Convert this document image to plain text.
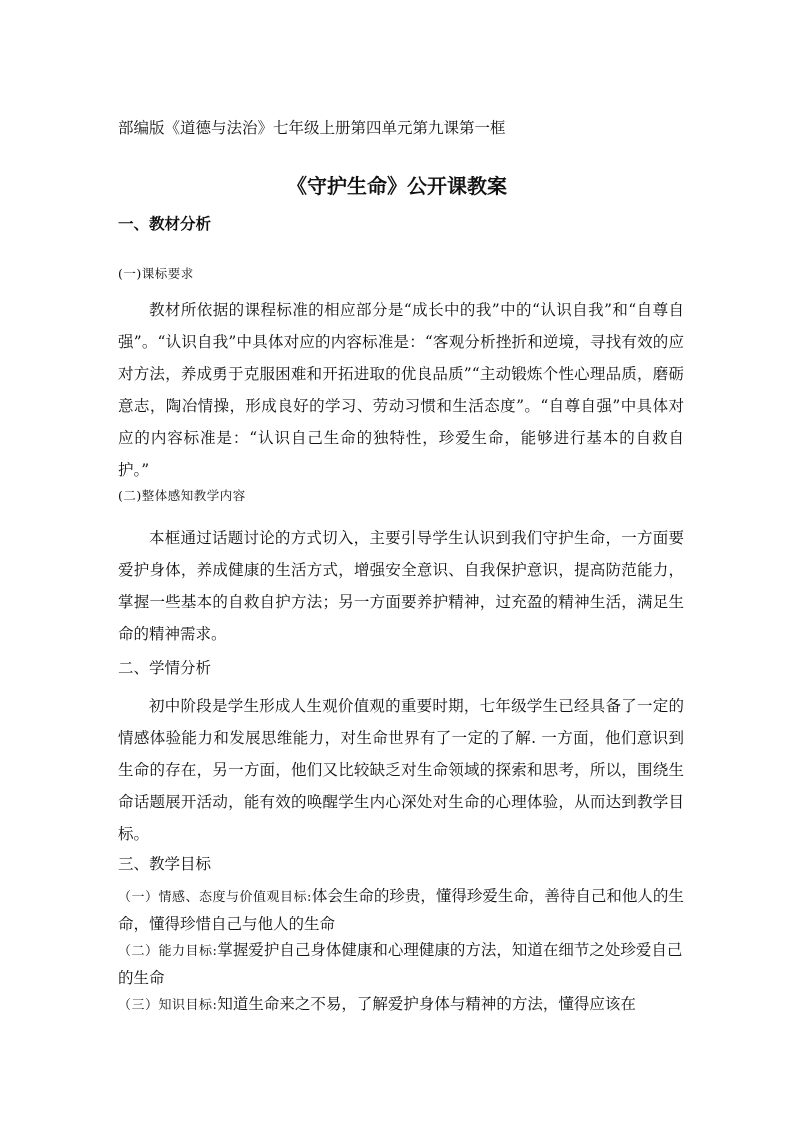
部编版《道德与法治》七年级上册第四单元第九课第一框
《守护生命》公开课教案
一、教材分析
(一)课标要求
教材所依据的课程标准的相应部分是“成长中的我”中的“认识自我”和“自尊自强”。“认识自我”中具体对应的内容标准是：“客观分析挫折和逆境，寻找有效的应对方法，养成勇于克服困难和开拓进取的优良品质”“主动锻炼个性心理品质，磨砺意志，陶冶情操，形成良好的学习、劳动习惯和生活态度”。“自尊自强”中具体对应的内容标准是：“认识自己生命的独特性，珍爱生命，能够进行基本的自救自护。”
(二)整体感知教学内容
本框通过话题讨论的方式切入，主要引导学生认识到我们守护生命，一方面要爱护身体，养成健康的生活方式，增强安全意识、自我保护意识，提高防范能力，掌握一些基本的自救自护方法；另一方面要养护精神，过充盈的精神生活，满足生命的精神需求。
二、学情分析
初中阶段是学生形成人生观价值观的重要时期，七年级学生已经具备了一定的情感体验能力和发展思维能力，对生命世界有了一定的了解. 一方面，他们意识到生命的存在，另一方面，他们又比较缺乏对生命领域的探索和思考，所以，围绕生命话题展开活动，能有效的唤醒学生内心深处对生命的心理体验，从而达到教学目标。
三、教学目标
（一）情感、态度与价值观目标:体会生命的珍贵，懂得珍爱生命，善待自己和他人的生命，懂得珍惜自己与他人的生命
（二）能力目标:掌握爱护自己身体健康和心理健康的方法，知道在细节之处珍爱自己的生命
（三）知识目标:知道生命来之不易，了解爱护身体与精神的方法，懂得应该在
